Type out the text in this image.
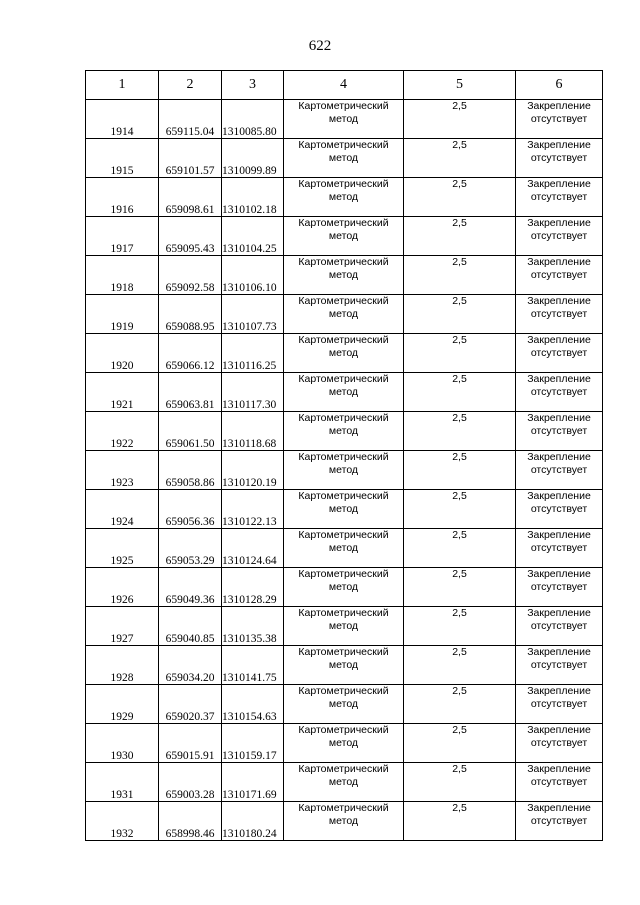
622
1	2	3	4	5	6
1914	659115.04	1310085.80	Картометрический метод	2,5	Закрепление отсутствует
1915	659101.57	1310099.89	Картометрический метод	2,5	Закрепление отсутствует
1916	659098.61	1310102.18	Картометрический метод	2,5	Закрепление отсутствует
1917	659095.43	1310104.25	Картометрический метод	2,5	Закрепление отсутствует
1918	659092.58	1310106.10	Картометрический метод	2,5	Закрепление отсутствует
1919	659088.95	1310107.73	Картометрический метод	2,5	Закрепление отсутствует
1920	659066.12	1310116.25	Картометрический метод	2,5	Закрепление отсутствует
1921	659063.81	1310117.30	Картометрический метод	2,5	Закрепление отсутствует
1922	659061.50	1310118.68	Картометрический метод	2,5	Закрепление отсутствует
1923	659058.86	1310120.19	Картометрический метод	2,5	Закрепление отсутствует
1924	659056.36	1310122.13	Картометрический метод	2,5	Закрепление отсутствует
1925	659053.29	1310124.64	Картометрический метод	2,5	Закрепление отсутствует
1926	659049.36	1310128.29	Картометрический метод	2,5	Закрепление отсутствует
1927	659040.85	1310135.38	Картометрический метод	2,5	Закрепление отсутствует
1928	659034.20	1310141.75	Картометрический метод	2,5	Закрепление отсутствует
1929	659020.37	1310154.63	Картометрический метод	2,5	Закрепление отсутствует
1930	659015.91	1310159.17	Картометрический метод	2,5	Закрепление отсутствует
1931	659003.28	1310171.69	Картометрический метод	2,5	Закрепление отсутствует
1932	658998.46	1310180.24	Картометрический метод	2,5	Закрепление отсутствует
